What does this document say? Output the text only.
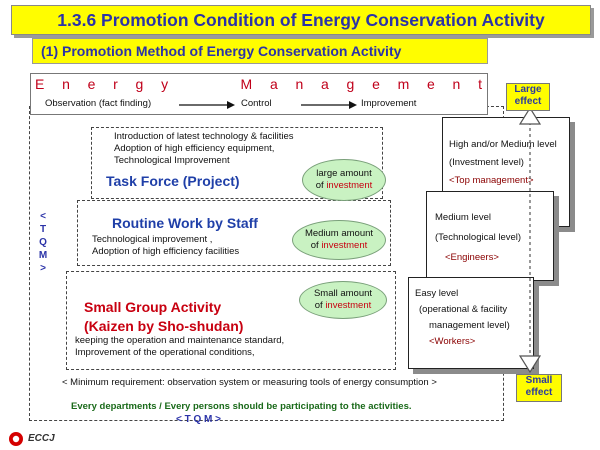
1.3.6 Promotion Condition of Energy Conservation Activity
(1) Promotion Method of Energy Conservation Activity
<
T
Q
M
>
E n e r g y	M a n a g e m e n t
Observation (fact finding)	Control	Improvement
Introduction of latest technology & facilities
Adoption of high efficiency equipment,
Technological Improvement
Task Force (Project)
Routine Work by Staff
Technological improvement ,
Adoption of high efficiency facilities
Small Group Activity
(Kaizen by Sho-shudan)
keeping the operation and maintenance standard,
Improvement of the operational conditions,
large amount
of investment
Medium amount
of investment
Small amount
of investment
High and/or Medium level
(Investment level)
<Top management>
Medium level
(Technological level)
<Engineers>
Easy level
(operational & facility
management level)
<Workers>
Large
effect
Small
effect
< Minimum requirement: observation system or measuring tools of energy consumption >
Every departments / Every persons should be participating to the activities.
< T Q M >
ECCJ
